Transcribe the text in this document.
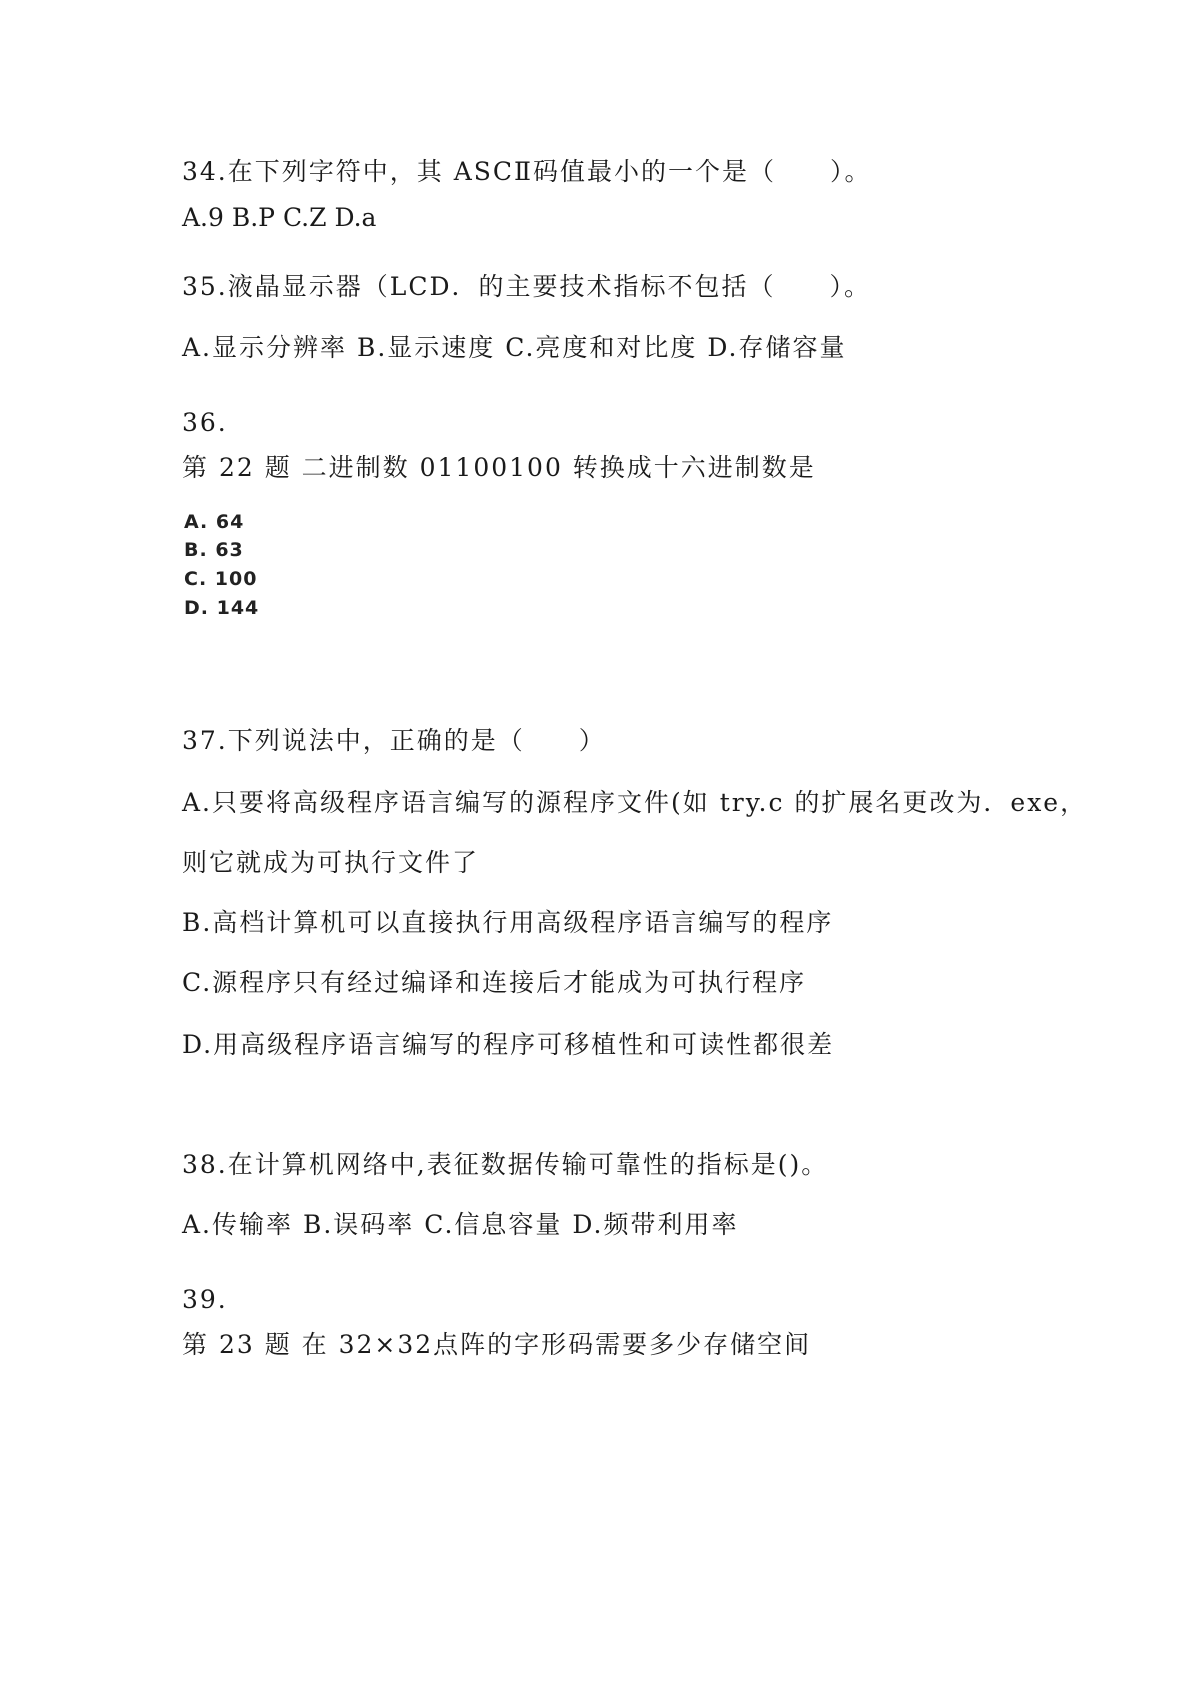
34.在下列字符中，其 ASCⅡ码值最小的一个是（　　）。
A.9 B.P C.Z D.a
35.液晶显示器（LCD．的主要技术指标不包括（　　）。
A.显示分辨率 B.显示速度 C.亮度和对比度 D.存储容量
36.
第 22 题 二进制数 01100100 转换成十六进制数是
A. 64
B. 63
C. 100
D. 144
37.下列说法中，正确的是（　　）
A.只要将高级程序语言编写的源程序文件(如 try.c 的扩展名更改为．exe，
则它就成为可执行文件了
B.高档计算机可以直接执行用高级程序语言编写的程序
C.源程序只有经过编译和连接后才能成为可执行程序
D.用高级程序语言编写的程序可移植性和可读性都很差
38.在计算机网络中,表征数据传输可靠性的指标是()。
A.传输率 B.误码率 C.信息容量 D.频带利用率
39.
第 23 题 在 32×32点阵的字形码需要多少存储空间
